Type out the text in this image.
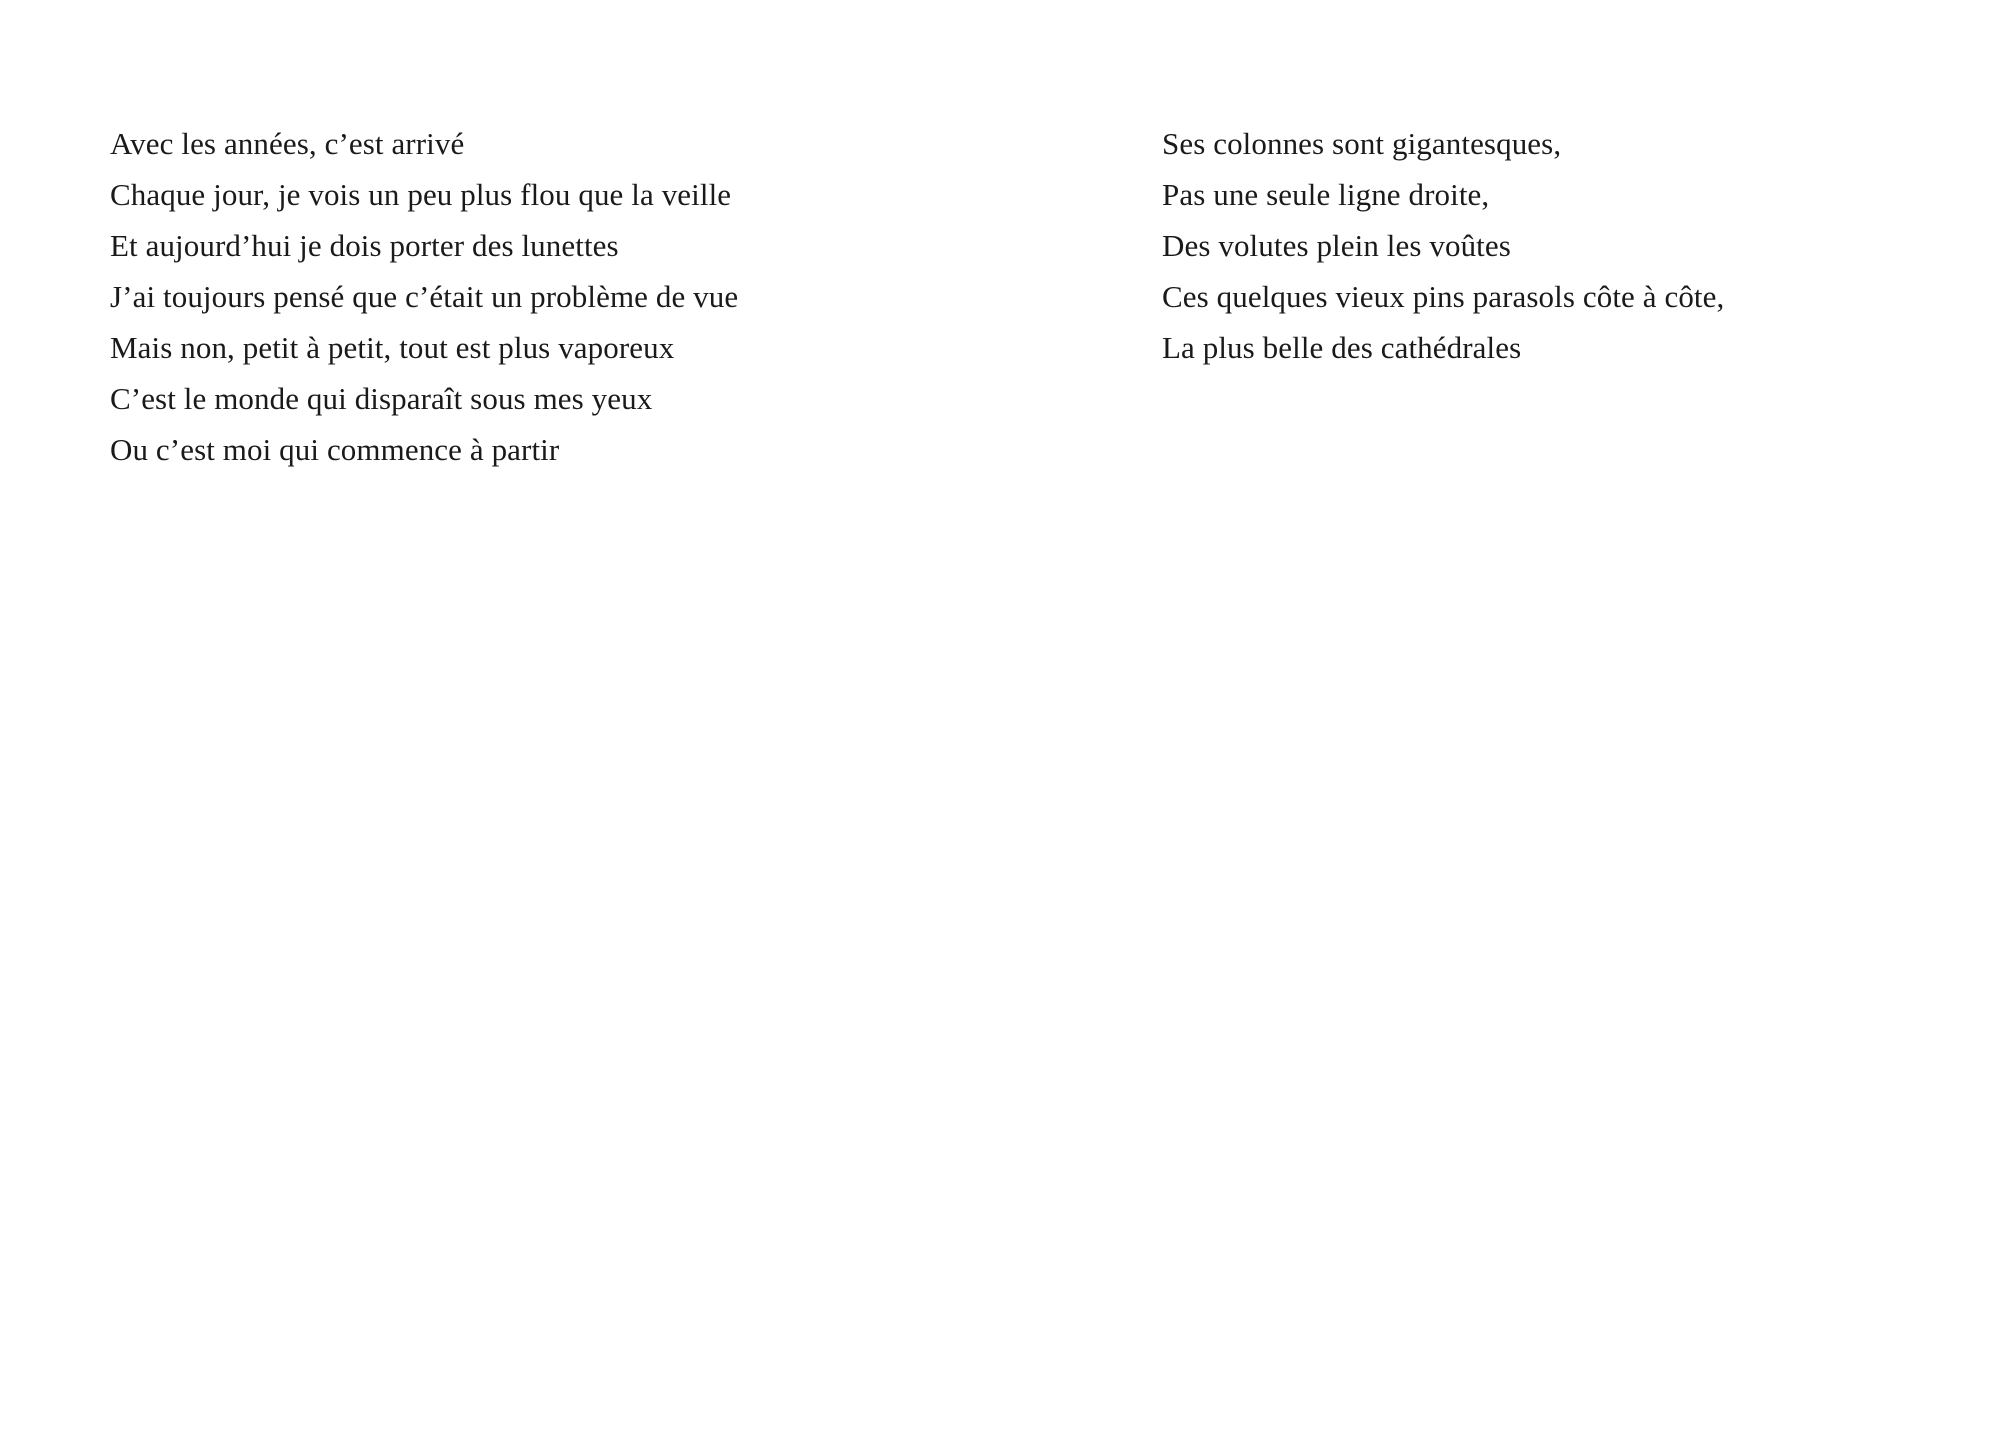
Avec les années, c’est arrivé
Chaque jour, je vois un peu plus flou que la veille
Et aujourd’hui je dois porter des lunettes
J’ai toujours pensé que c’était un problème de vue
Mais non, petit à petit, tout est plus vaporeux
C’est le monde qui disparaît sous mes yeux
Ou c’est moi qui commence à partir
Ses colonnes sont gigantesques,
Pas une seule ligne droite,
Des volutes plein les voûtes
Ces quelques vieux pins parasols côte à côte,
La plus belle des cathédrales
